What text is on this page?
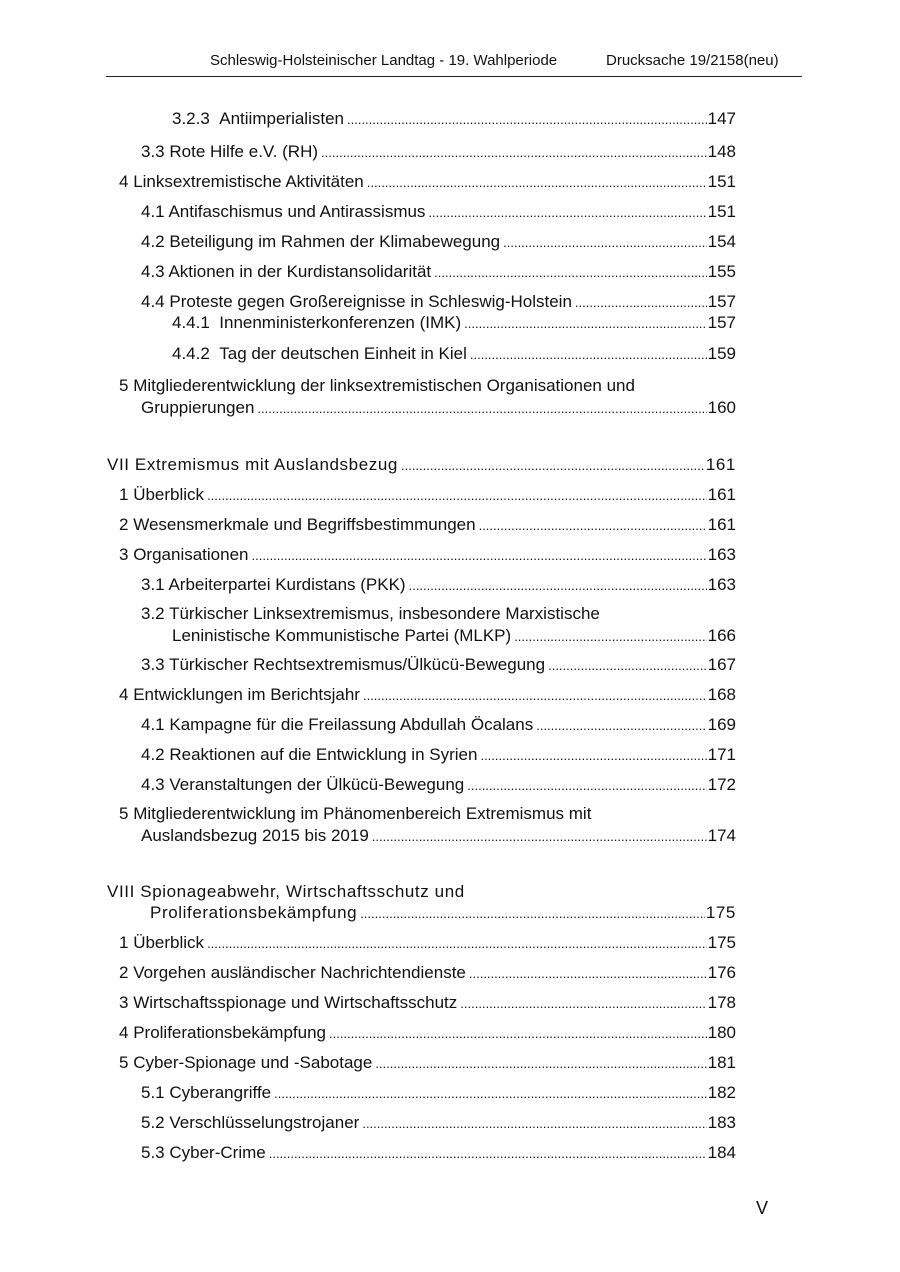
Schleswig-Holsteinischer Landtag - 19. Wahlperiode	Drucksache 19/2158(neu)
3.2.3 Antiimperialisten .....	147
3.3 Rote Hilfe e.V. (RH) .....	148
4 Linksextremistische Aktivitäten .....	151
4.1 Antifaschismus und Antirassismus .....	151
4.2 Beteiligung im Rahmen der Klimabewegung .....	154
4.3 Aktionen in der Kurdistansolidarität .....	155
4.4 Proteste gegen Großereignisse in Schleswig-Holstein .....	157
4.4.1 Innenministerkonferenzen (IMK) .....	157
4.4.2 Tag der deutschen Einheit in Kiel .....	159
5 Mitgliederentwicklung der linksextremistischen Organisationen und
Gruppierungen .....	160
VII Extremismus mit Auslandsbezug .....	161
1 Überblick .....	161
2 Wesensmerkmale und Begriffsbestimmungen .....	161
3 Organisationen .....	163
3.1 Arbeiterpartei Kurdistans (PKK) .....	163
3.2 Türkischer Linksextremismus, insbesondere Marxistische
Leninistische Kommunistische Partei (MLKP) .....	166
3.3 Türkischer Rechtsextremismus/Ülkücü-Bewegung .....	167
4 Entwicklungen im Berichtsjahr .....	168
4.1 Kampagne für die Freilassung Abdullah Öcalans .....	169
4.2 Reaktionen auf die Entwicklung in Syrien .....	171
4.3 Veranstaltungen der Ülkücü-Bewegung .....	172
5 Mitgliederentwicklung im Phänomenbereich Extremismus mit
Auslandsbezug 2015 bis 2019 .....	174
VIII Spionageabwehr, Wirtschaftsschutz und
Proliferationsbekämpfung .....	175
1 Überblick .....	175
2 Vorgehen ausländischer Nachrichtendienste .....	176
3 Wirtschaftsspionage und Wirtschaftsschutz .....	178
4 Proliferationsbekämpfung .....	180
5 Cyber-Spionage und -Sabotage .....	181
5.1 Cyberangriffe .....	182
5.2 Verschlüsselungstrojaner .....	183
5.3 Cyber-Crime .....	184
V
